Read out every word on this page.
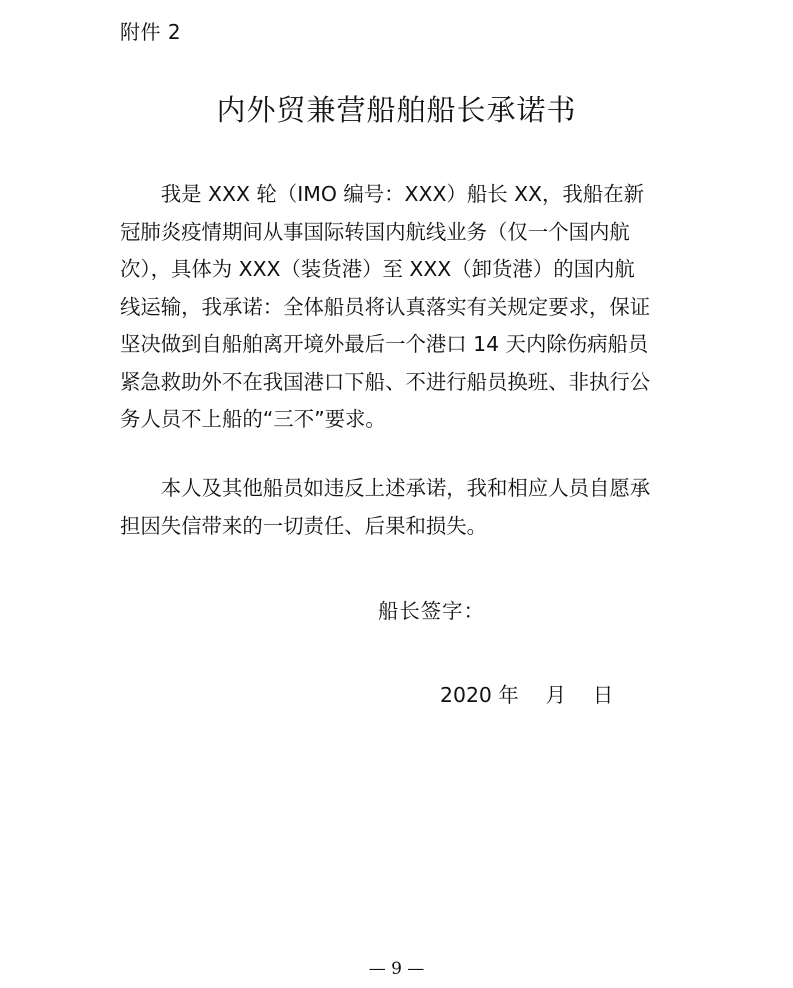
附件 2
内外贸兼营船舶船长承诺书
　　我是 XXX 轮（IMO 编号：XXX）船长 XX，我船在新
冠肺炎疫情期间从事国际转国内航线业务（仅一个国内航
次），具体为 XXX（装货港）至 XXX（卸货港）的国内航
线运输，我承诺：全体船员将认真落实有关规定要求，保证
坚决做到自船舶离开境外最后一个港口 14 天内除伤病船员
紧急救助外不在我国港口下船、不进行船员换班、非执行公
务人员不上船的“三不”要求。
　　本人及其他船员如违反上述承诺，我和相应人员自愿承
担因失信带来的一切责任、后果和损失。
船长签字：
2020 年　 月　 日
— 9 —
